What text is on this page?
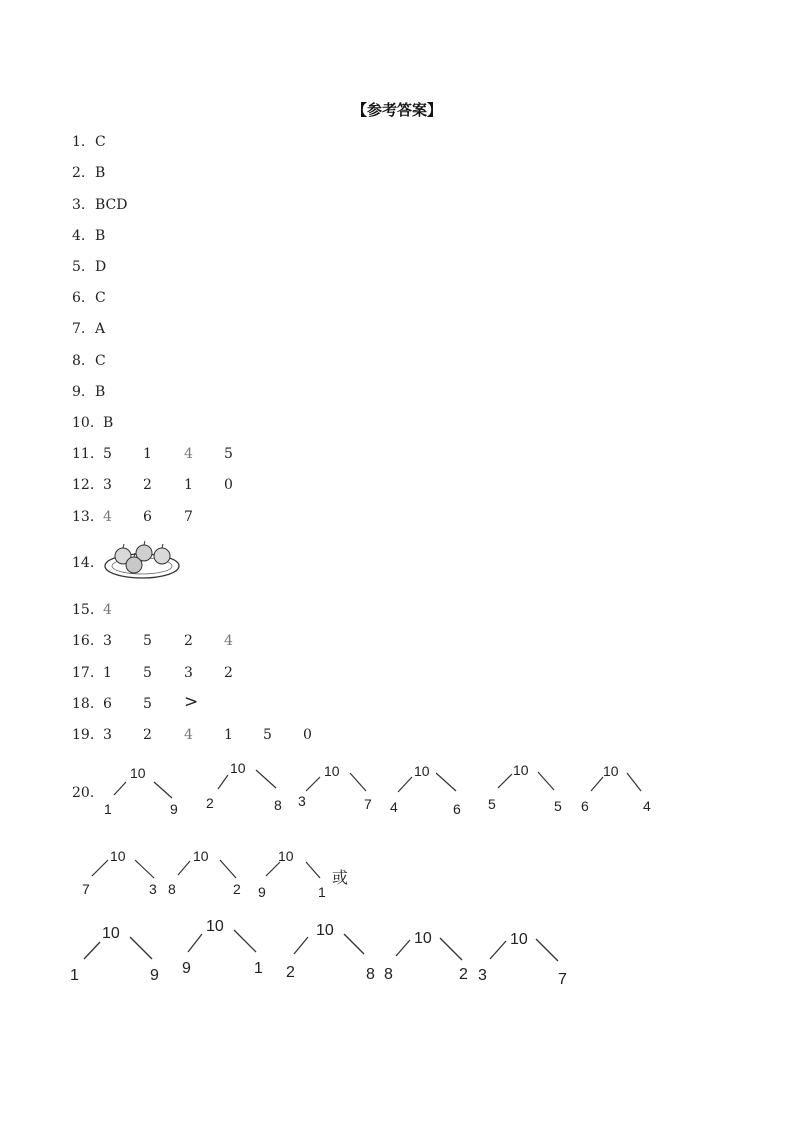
【参考答案】
1. C
2. B
3. BCD
4. B
5. D
6. C
7. A
8. C
9. B
10. B
11. 5 1 4 5
12. 3 2 1 0
13. 4 6 7
14.
15. 4
16. 3 5 2 4
17. 1 5 3 2
18. 6 5 >
19. 3 2 4 1 5 0
20.
10
1	9
10
2	8
10
3	7
10
4	6
10
5	5
10
6	4
10
7	3
10
8	2
10
9	1
或
10
1	9
10
9	1
10
2	8
10
8	2
10
3	7
